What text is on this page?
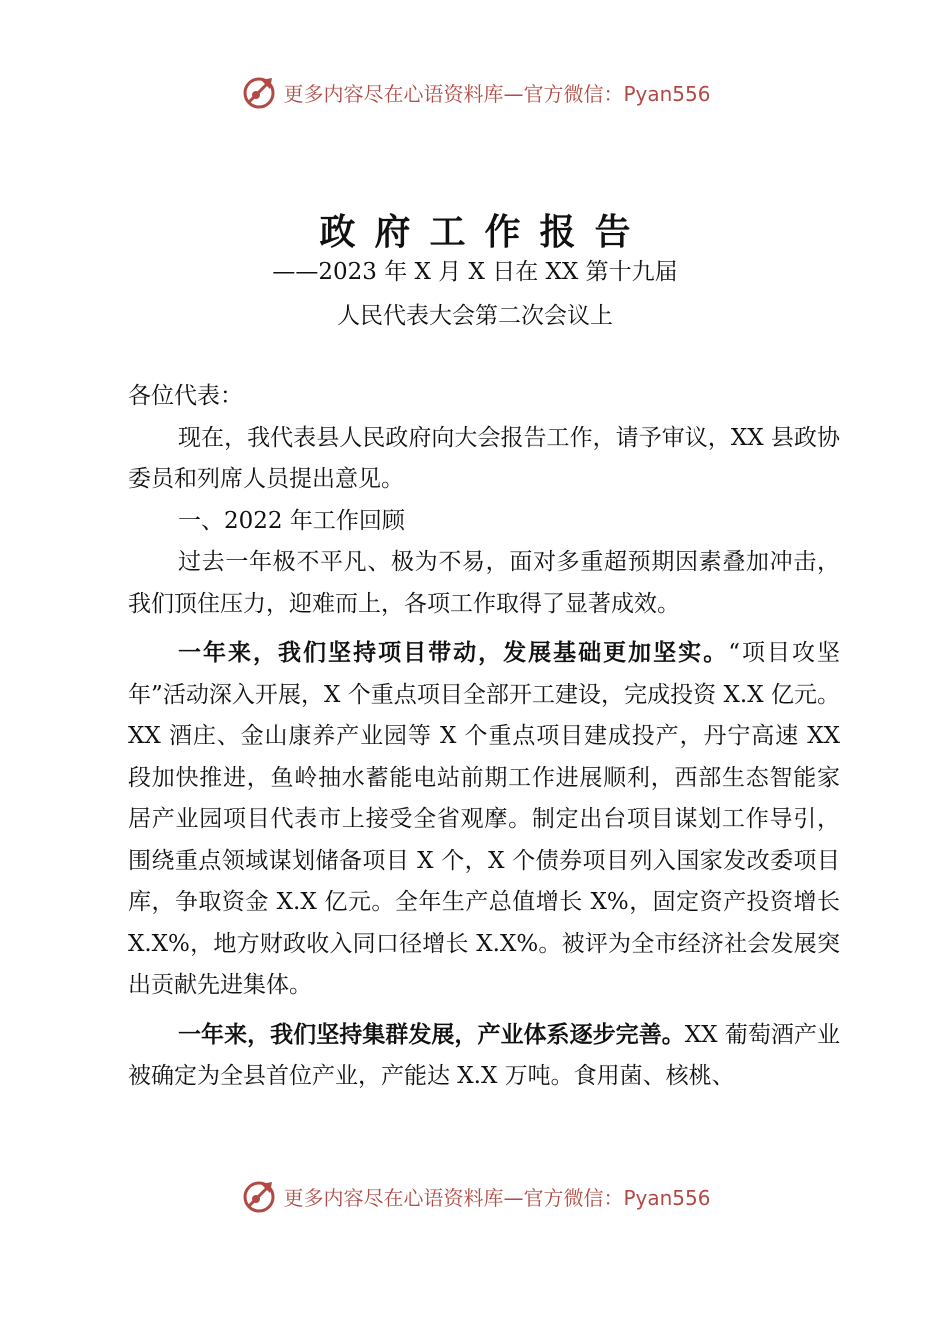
更多内容尽在心语资料库—官方微信：Pyan556
政府工作报告
——2023 年 X 月 X 日在 XX 第十九届
人民代表大会第二次会议上

各位代表：

现在，我代表县人民政府向大会报告工作，请予审议，XX 县政协委员和列席人员提出意见。

一、2022 年工作回顾

过去一年极不平凡、极为不易，面对多重超预期因素叠加冲击，我们顶住压力，迎难而上，各项工作取得了显著成效。

一年来，我们坚持项目带动，发展基础更加坚实。“项目攻坚年”活动深入开展，X 个重点项目全部开工建设，完成投资 X.X 亿元。XX 酒庄、金山康养产业园等 X 个重点项目建成投产，丹宁高速 XX 段加快推进，鱼岭抽水蓄能电站前期工作进展顺利，西部生态智能家居产业园项目代表市上接受全省观摩。制定出台项目谋划工作导引，围绕重点领域谋划储备项目 X 个，X 个债券项目列入国家发改委项目库，争取资金 X.X 亿元。全年生产总值增长 X%，固定资产投资增长 X.X%，地方财政收入同口径增长 X.X%。被评为全市经济社会发展突出贡献先进集体。

一年来，我们坚持集群发展，产业体系逐步完善。XX 葡萄酒产业被确定为全县首位产业，产能达 X.X 万吨。食用菌、核桃、

更多内容尽在心语资料库—官方微信：Pyan556
